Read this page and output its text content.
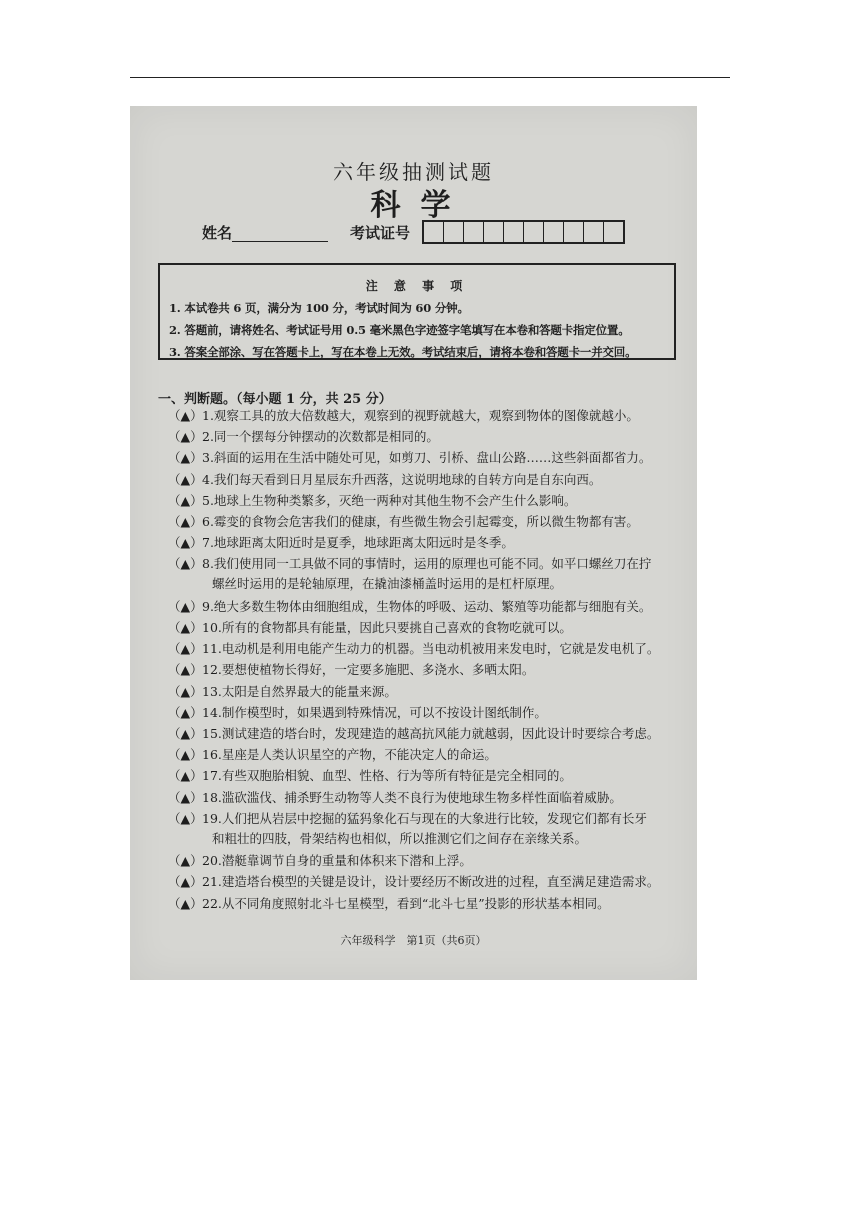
六年级抽测试题
科学
姓名	考试证号
注 意 事 项
1. 本试卷共 6 页，满分为 100 分，考试时间为 60 分钟。
2. 答题前，请将姓名、考试证号用 0.5 毫米黑色字迹签字笔填写在本卷和答题卡指定位置。
3. 答案全部涂、写在答题卡上，写在本卷上无效。考试结束后，请将本卷和答题卡一并交回。
一、判断题。（每小题 1 分，共 25 分）
（▲）1.观察工具的放大倍数越大，观察到的视野就越大，观察到物体的图像就越小。
（▲）2.同一个摆每分钟摆动的次数都是相同的。
（▲）3.斜面的运用在生活中随处可见，如剪刀、引桥、盘山公路……这些斜面都省力。
（▲）4.我们每天看到日月星辰东升西落，这说明地球的自转方向是自东向西。
（▲）5.地球上生物种类繁多，灭绝一两种对其他生物不会产生什么影响。
（▲）6.霉变的食物会危害我们的健康，有些微生物会引起霉变，所以微生物都有害。
（▲）7.地球距离太阳近时是夏季，地球距离太阳远时是冬季。
（▲）8.我们使用同一工具做不同的事情时，运用的原理也可能不同。如平口螺丝刀在拧
螺丝时运用的是轮轴原理，在撬油漆桶盖时运用的是杠杆原理。
（▲）9.绝大多数生物体由细胞组成，生物体的呼吸、运动、繁殖等功能都与细胞有关。
（▲）10.所有的食物都具有能量，因此只要挑自己喜欢的食物吃就可以。
（▲）11.电动机是利用电能产生动力的机器。当电动机被用来发电时，它就是发电机了。
（▲）12.要想使植物长得好，一定要多施肥、多浇水、多晒太阳。
（▲）13.太阳是自然界最大的能量来源。
（▲）14.制作模型时，如果遇到特殊情况，可以不按设计图纸制作。
（▲）15.测试建造的塔台时，发现建造的越高抗风能力就越弱，因此设计时要综合考虑。
（▲）16.星座是人类认识星空的产物，不能决定人的命运。
（▲）17.有些双胞胎相貌、血型、性格、行为等所有特征是完全相同的。
（▲）18.滥砍滥伐、捕杀野生动物等人类不良行为使地球生物多样性面临着威胁。
（▲）19.人们把从岩层中挖掘的猛犸象化石与现在的大象进行比较，发现它们都有长牙
和粗壮的四肢，骨架结构也相似，所以推测它们之间存在亲缘关系。
（▲）20.潜艇靠调节自身的重量和体积来下潜和上浮。
（▲）21.建造塔台模型的关键是设计，设计要经历不断改进的过程，直至满足建造需求。
（▲）22.从不同角度照射北斗七星模型，看到“北斗七星”投影的形状基本相同。
六年级科学　第1页（共6页）
